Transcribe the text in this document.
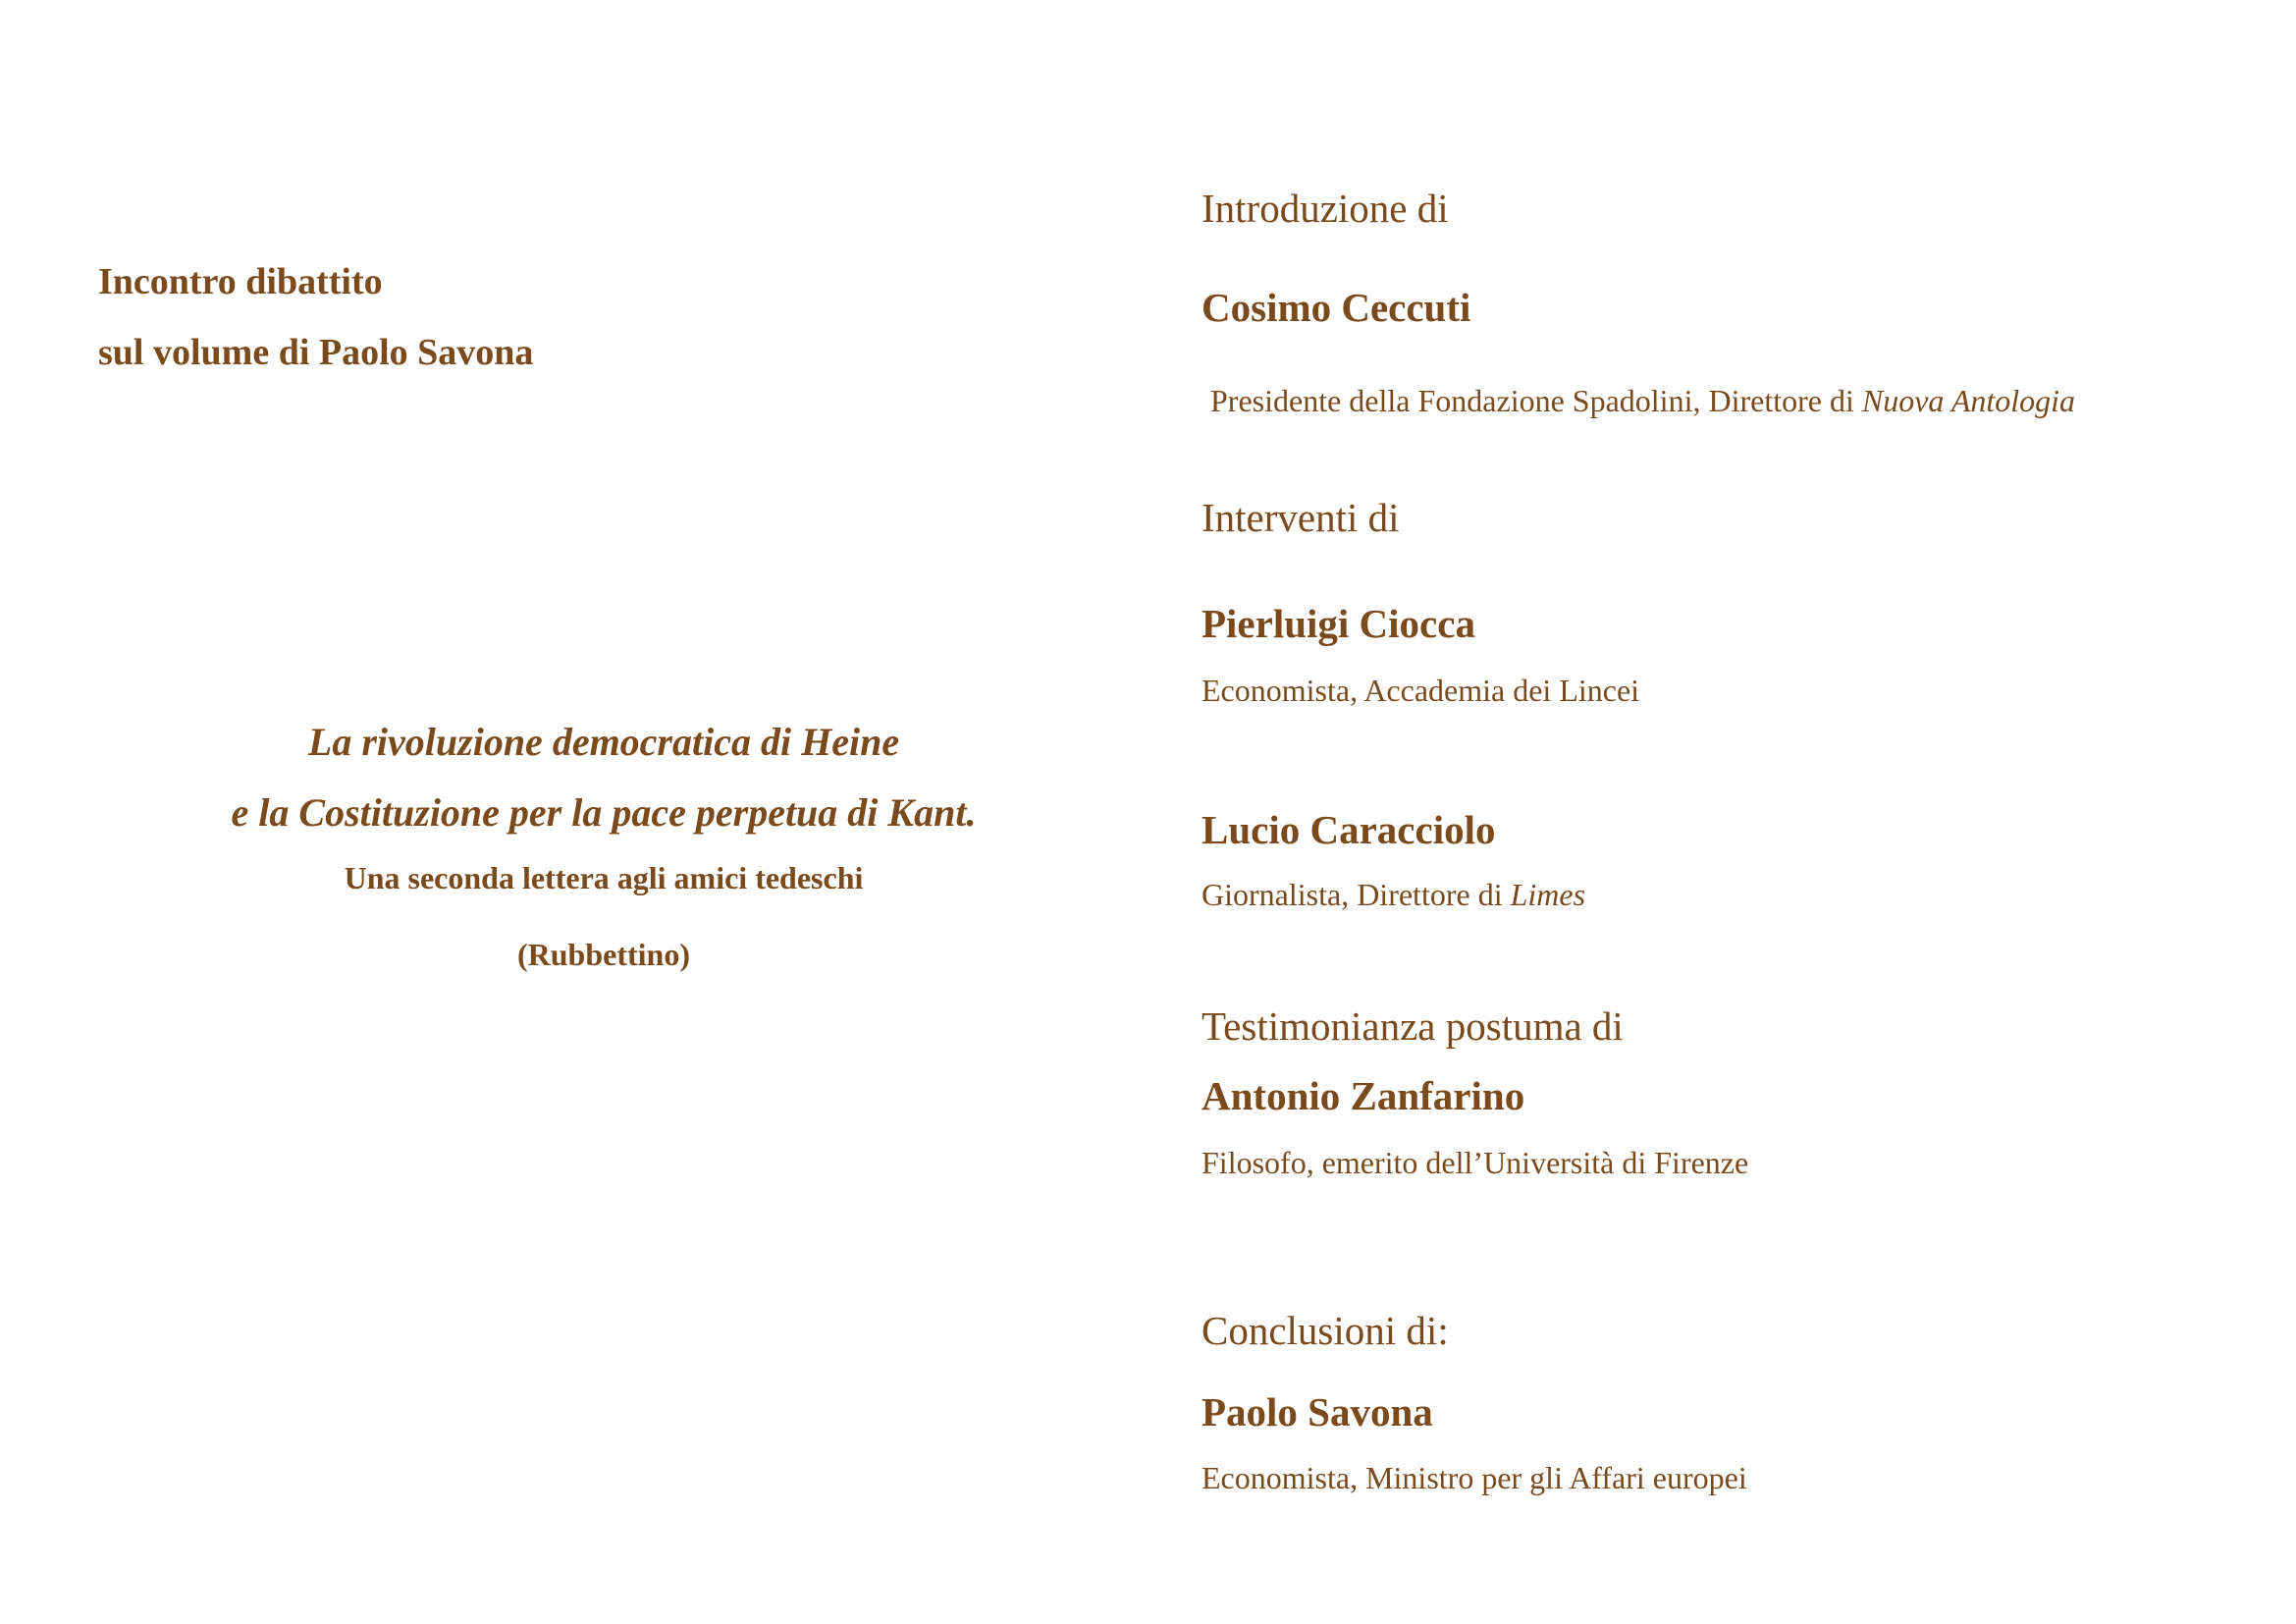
Incontro dibattito
sul volume di Paolo Savona
La rivoluzione democratica di Heine
e la Costituzione per la pace perpetua di Kant.
Una seconda lettera agli amici tedeschi
(Rubbettino)
Introduzione di
Cosimo Ceccuti
Presidente della Fondazione Spadolini, Direttore di Nuova Antologia
Interventi di
Pierluigi Ciocca
Economista, Accademia dei Lincei
Lucio Caracciolo
Giornalista, Direttore di Limes
Testimonianza postuma di
Antonio Zanfarino
Filosofo, emerito dell’Università di Firenze
Conclusioni di:
Paolo Savona
Economista, Ministro per gli Affari europei
